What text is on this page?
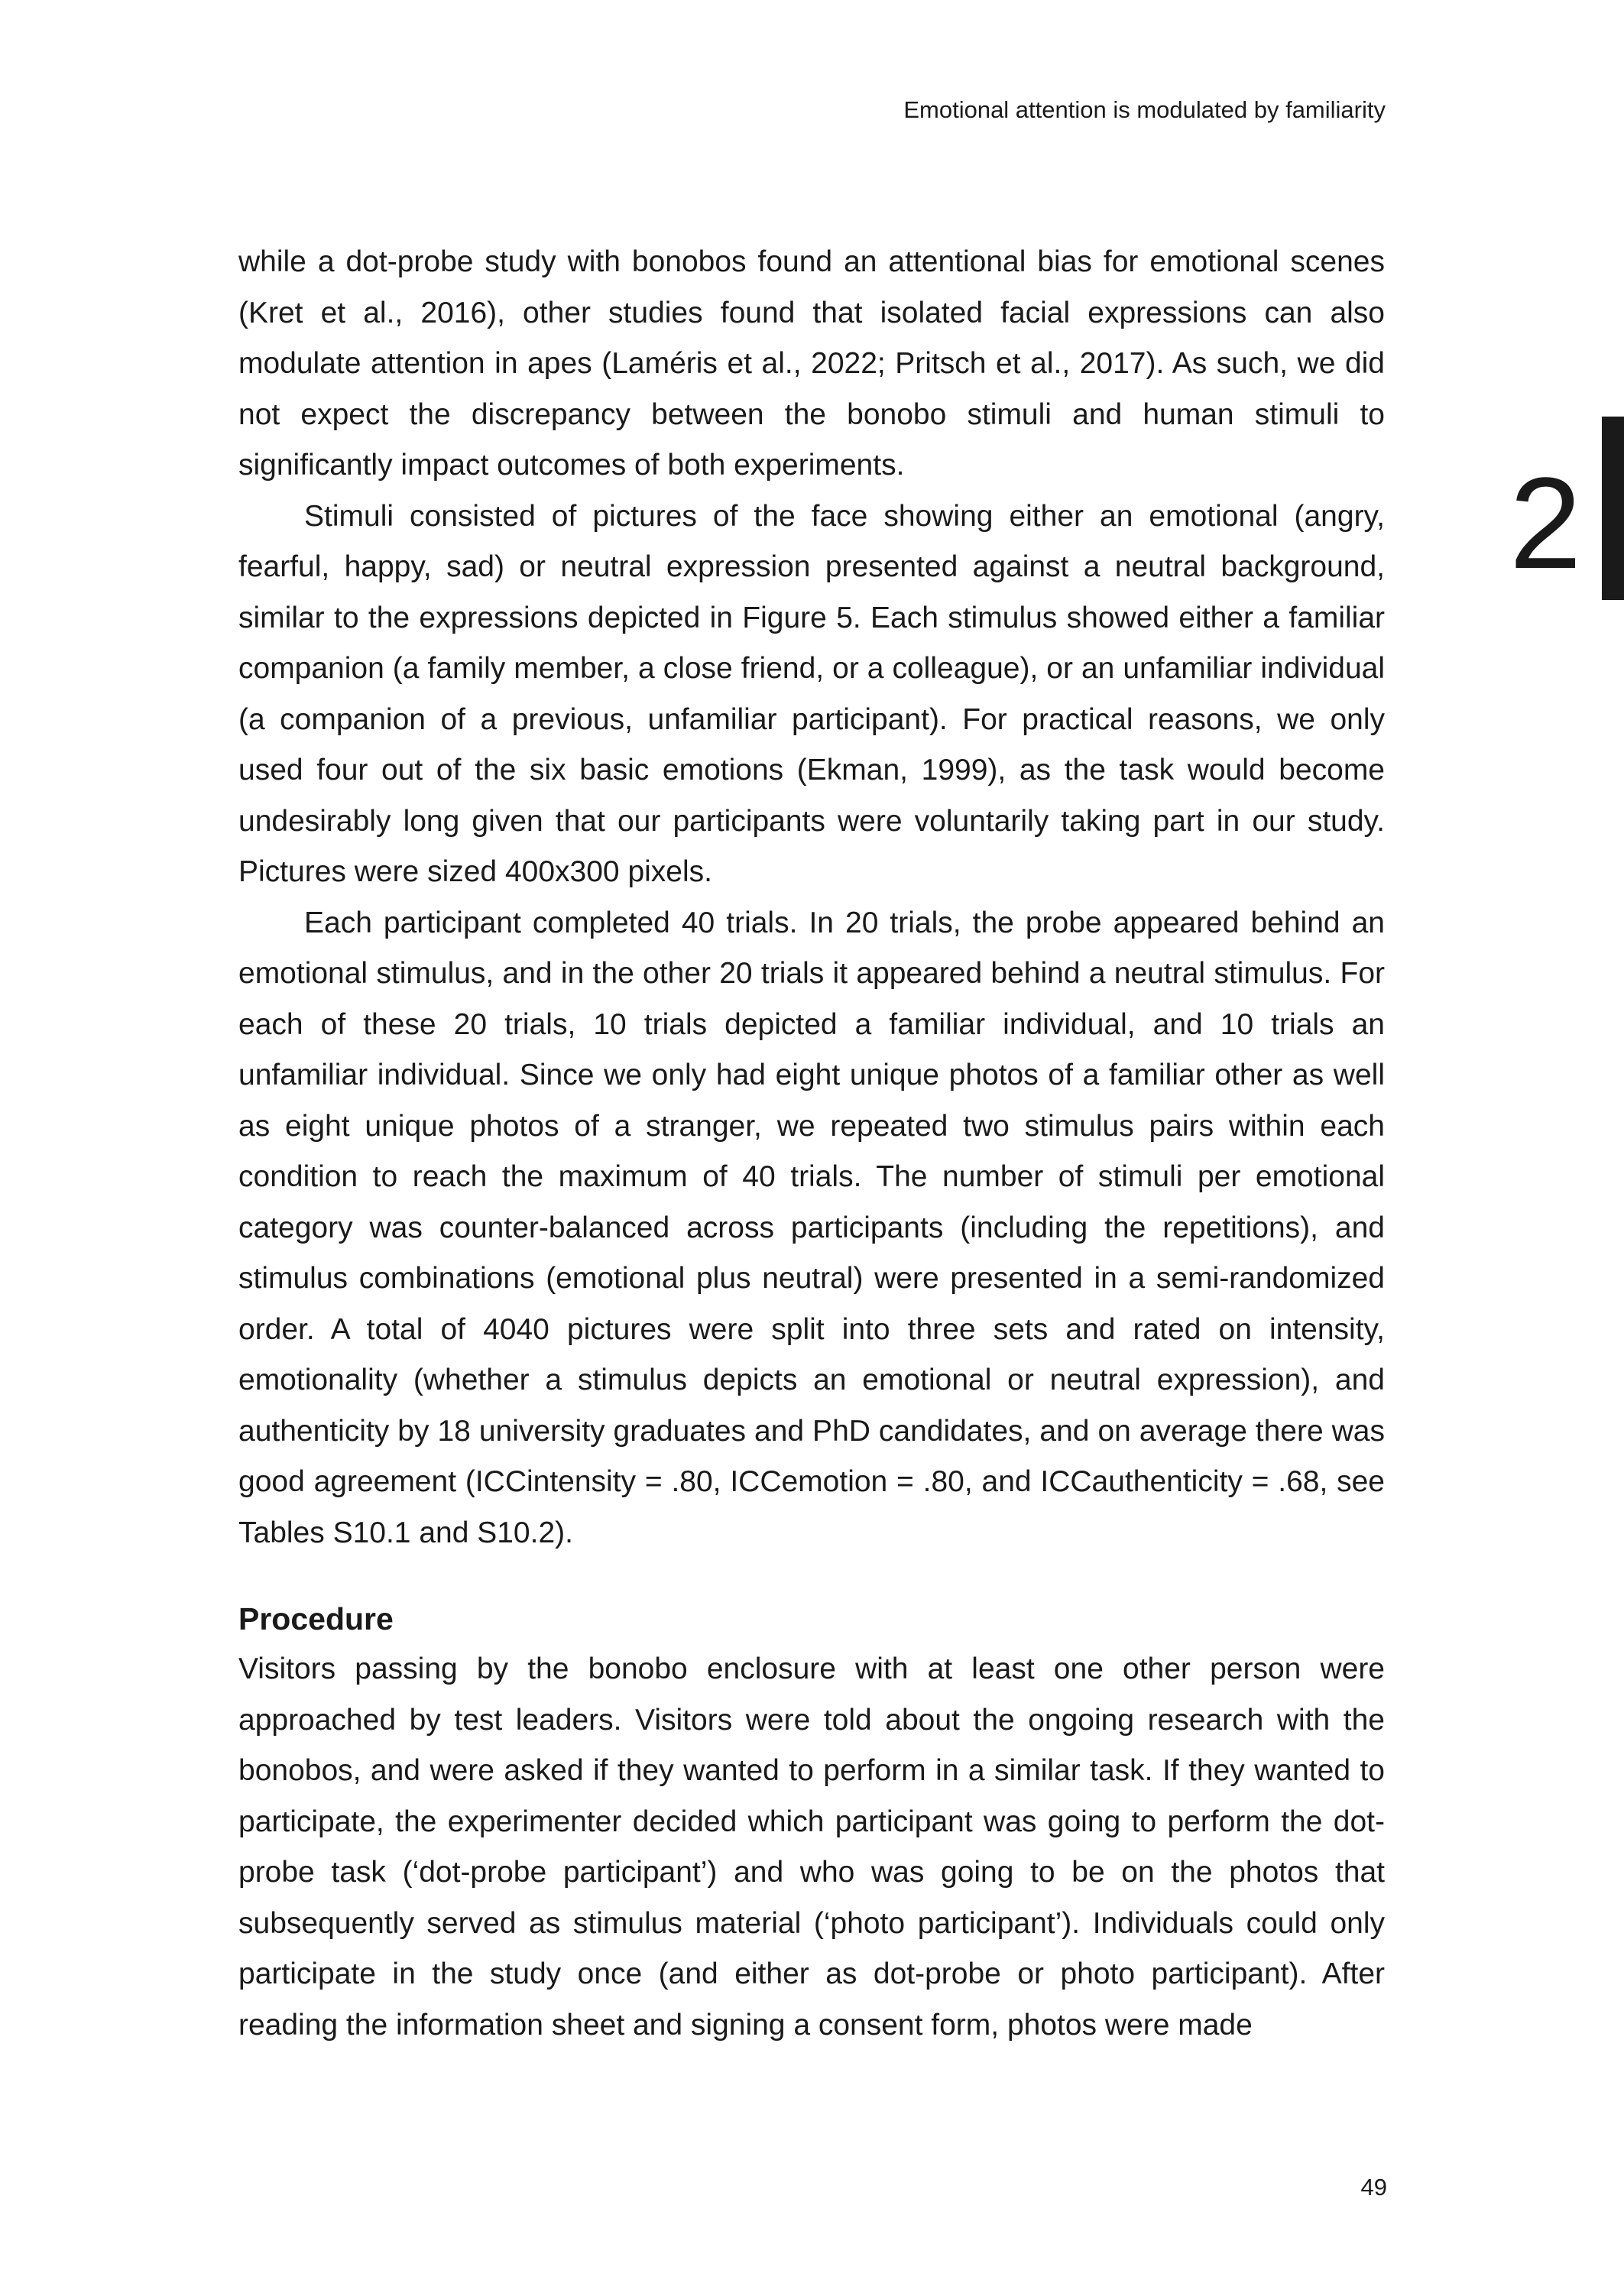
Emotional attention is modulated by familiarity
2

while a dot-probe study with bonobos found an attentional bias for emotional scenes (Kret et al., 2016), other studies found that isolated facial expressions can also modulate attention in apes (Laméris et al., 2022; Pritsch et al., 2017). As such, we did not expect the discrepancy between the bonobo stimuli and human stimuli to significantly impact outcomes of both experiments.

Stimuli consisted of pictures of the face showing either an emotional (angry, fearful, happy, sad) or neutral expression presented against a neutral background, similar to the expressions depicted in Figure 5. Each stimulus showed either a familiar companion (a family member, a close friend, or a colleague), or an unfamiliar individual (a companion of a previous, unfamiliar participant). For practical reasons, we only used four out of the six basic emotions (Ekman, 1999), as the task would become undesirably long given that our participants were voluntarily taking part in our study. Pictures were sized 400x300 pixels.

Each participant completed 40 trials. In 20 trials, the probe appeared behind an emotional stimulus, and in the other 20 trials it appeared behind a neutral stimulus. For each of these 20 trials, 10 trials depicted a familiar individual, and 10 trials an unfamiliar individual. Since we only had eight unique photos of a familiar other as well as eight unique photos of a stranger, we repeated two stimulus pairs within each condition to reach the maximum of 40 trials. The number of stimuli per emotional category was counter-balanced across participants (including the repetitions), and stimulus combinations (emotional plus neutral) were presented in a semi-randomized order. A total of 4040 pictures were split into three sets and rated on intensity, emotionality (whether a stimulus depicts an emotional or neutral expression), and authenticity by 18 university graduates and PhD candidates, and on average there was good agreement (ICCintensity = .80, ICCemotion = .80, and ICCauthenticity = .68, see Tables S10.1 and S10.2).

Procedure

Visitors passing by the bonobo enclosure with at least one other person were approached by test leaders. Visitors were told about the ongoing research with the bonobos, and were asked if they wanted to perform in a similar task. If they wanted to participate, the experimenter decided which participant was going to perform the dot-probe task (‘dot-probe participant’) and who was going to be on the photos that subsequently served as stimulus material (‘photo participant’). Individuals could only participate in the study once (and either as dot-probe or photo participant). After reading the information sheet and signing a consent form, photos were made

49
